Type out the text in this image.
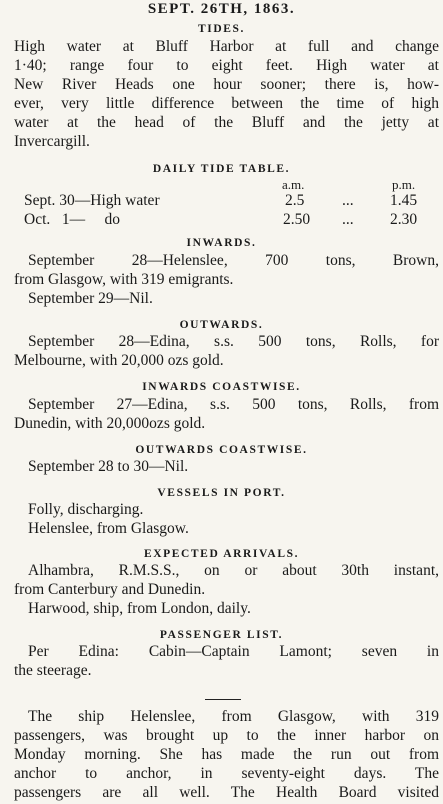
SEPT. 26TH, 1863.
TIDES.
High water at Bluff Harbor at full and change
1·40; range four to eight feet. High water at
New River Heads one hour sooner; there is, how-
ever, very little difference between the time of high
water at the head of the Bluff and the jetty at
Invercargill.
DAILY TIDE TABLE.
a.m.	p.m.
Sept. 30—High water	2.5 ... 1.45
Oct.   1—     do	2.50 ... 2.30
INWARDS.
September 28—Helenslee, 700 tons, Brown,
from Glasgow, with 319 emigrants.
September 29—Nil.
OUTWARDS.
September 28—Edina, s.s. 500 tons, Rolls, for
Melbourne, with 20,000 ozs gold.
INWARDS COASTWISE.
September 27—Edina, s.s. 500 tons, Rolls, from
Dunedin, with 20,000ozs gold.
OUTWARDS COASTWISE.
September 28 to 30—Nil.
VESSELS IN PORT.
Folly, discharging.
Helenslee, from Glasgow.
EXPECTED ARRIVALS.
Alhambra, R.M.S.S., on or about 30th instant,
from Canterbury and Dunedin.
Harwood, ship, from London, daily.
PASSENGER LIST.
Per Edina: Cabin—Captain Lamont; seven in
the steerage.
The ship Helenslee, from Glasgow, with 319
passengers, was brought up to the inner harbor on
Monday morning. She has made the run out from
anchor to anchor, in seventy-eight days. The
passengers are all well. The Health Board visited
